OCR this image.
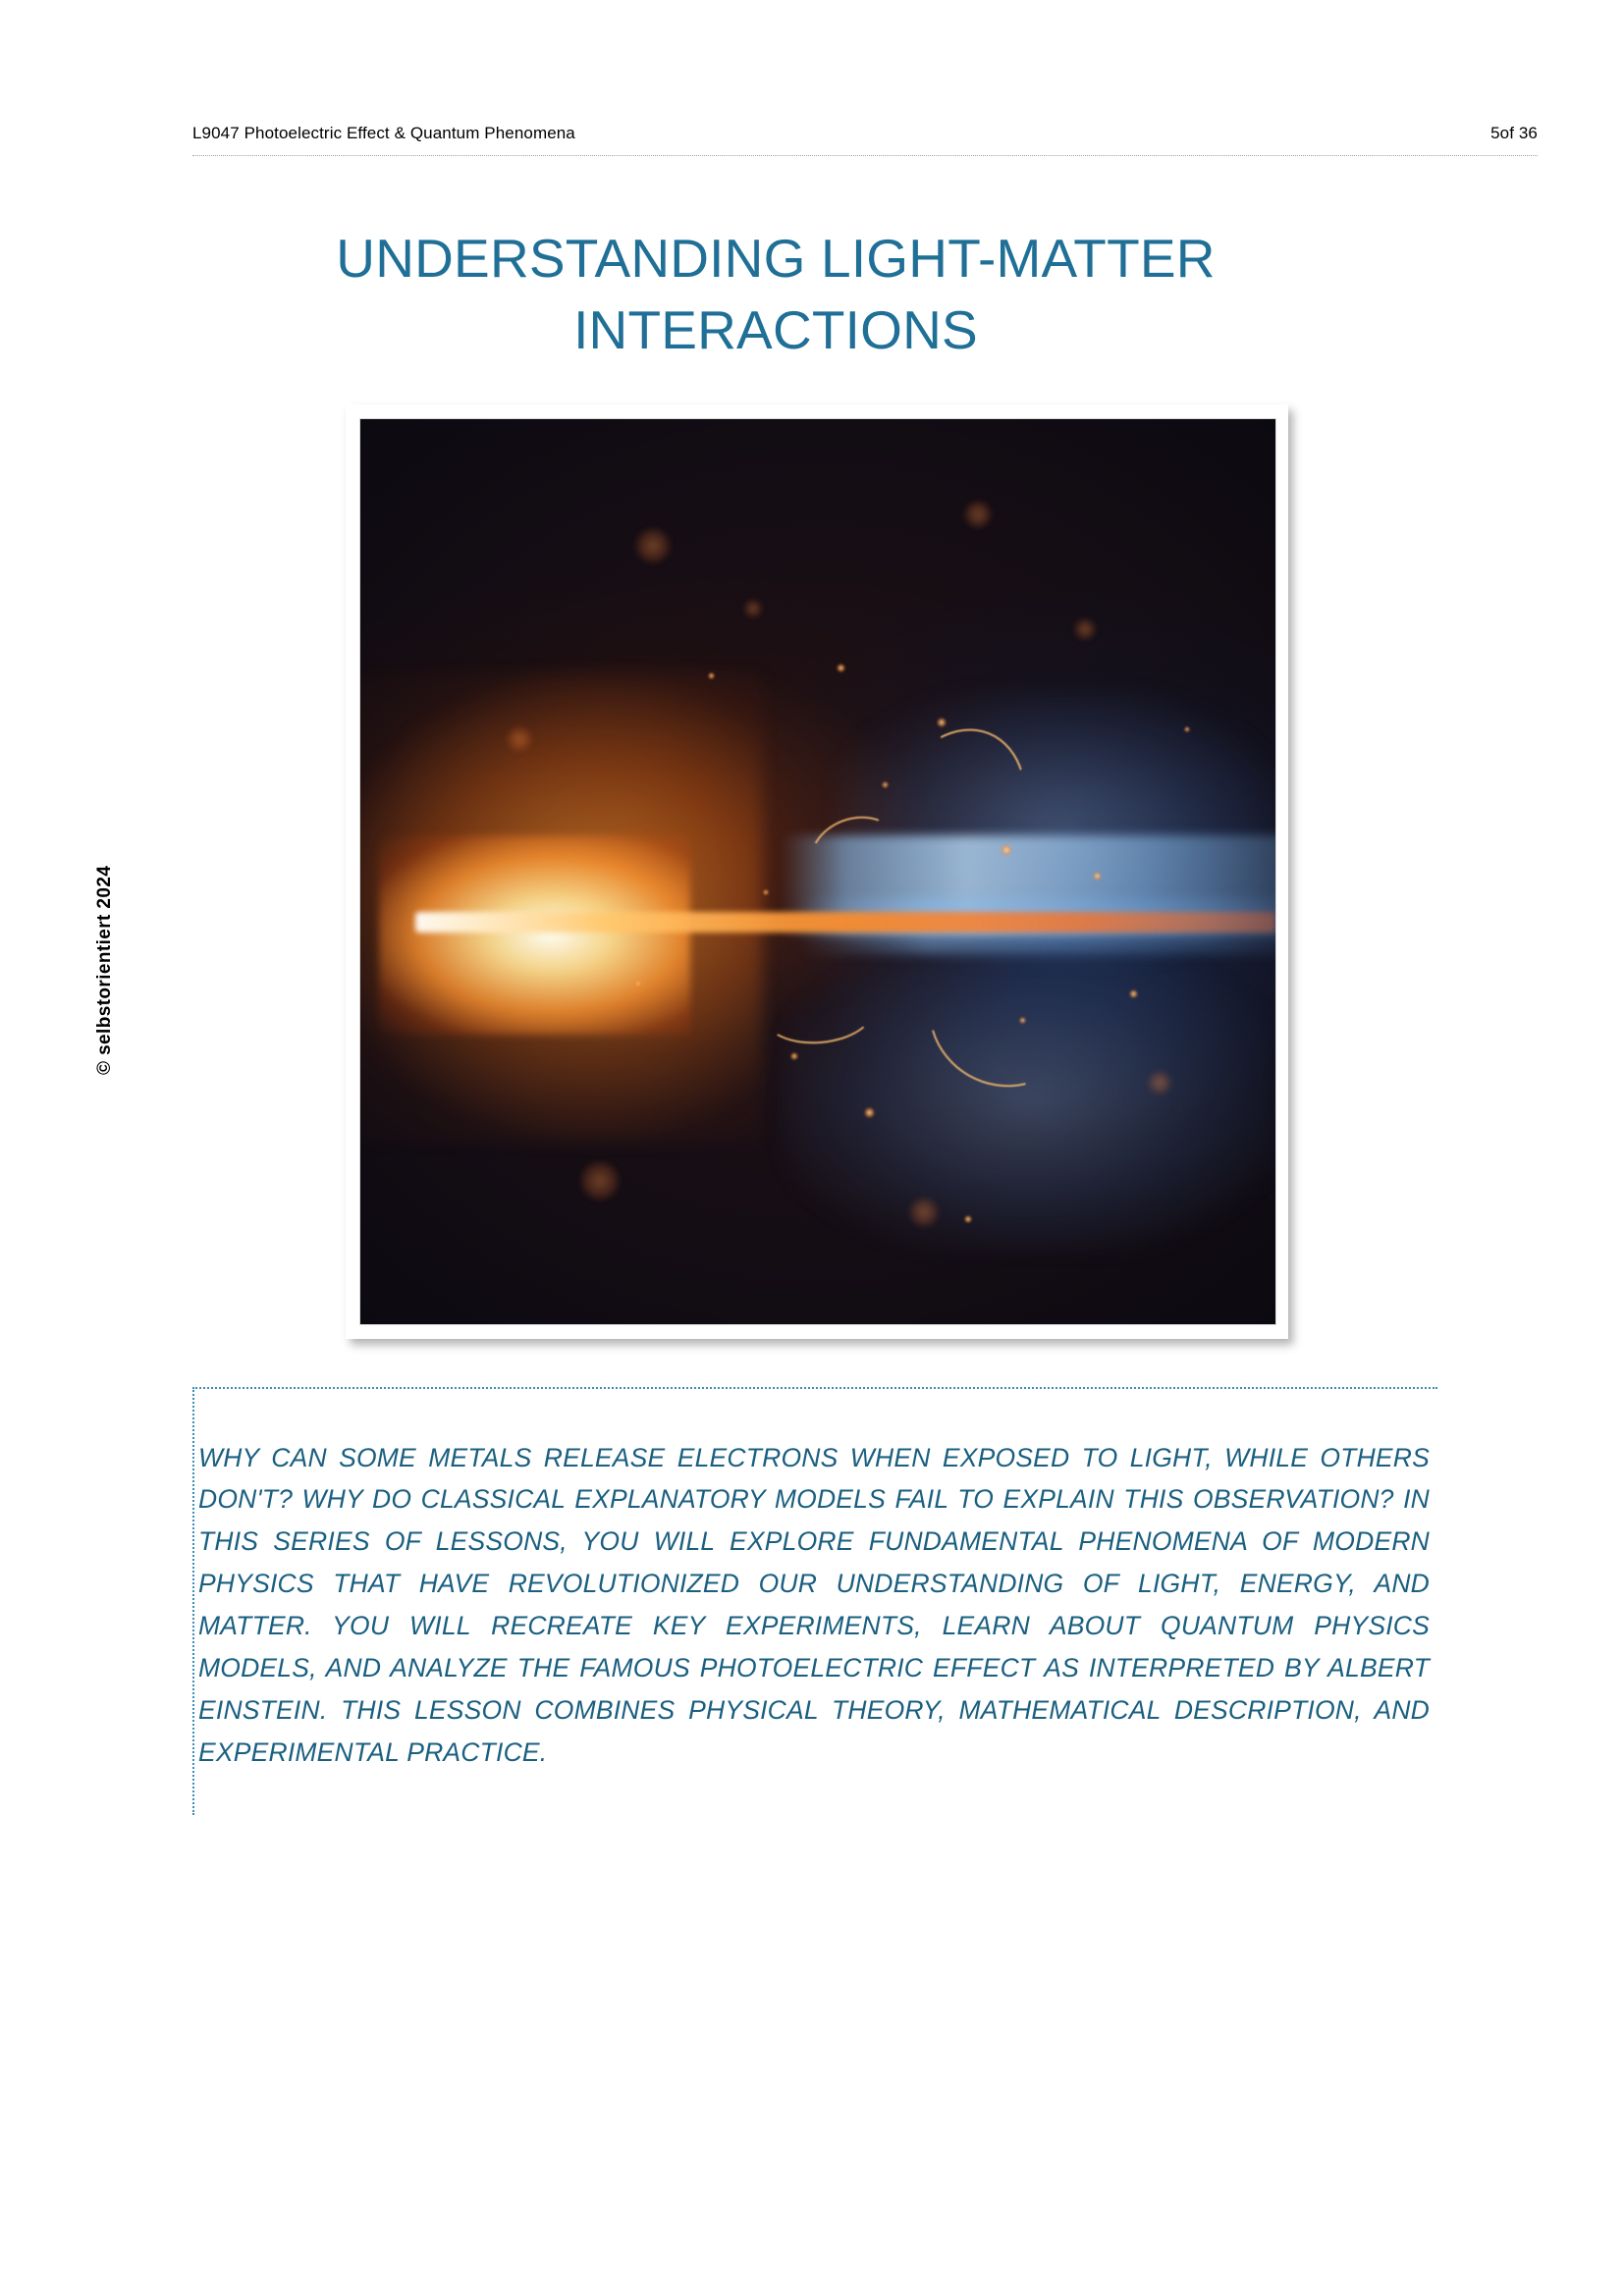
L9047 Photoelectric Effect & Quantum Phenomena	5of 36
© selbstorientiert 2024
UNDERSTANDING LIGHT-MATTER INTERACTIONS

WHY CAN SOME METALS RELEASE ELECTRONS WHEN EXPOSED TO LIGHT, WHILE OTHERS DON'T? WHY DO CLASSICAL EXPLANATORY MODELS FAIL TO EXPLAIN THIS OBSERVATION? IN THIS SERIES OF LESSONS, YOU WILL EXPLORE FUNDAMENTAL PHENOMENA OF MODERN PHYSICS THAT HAVE REVOLUTIONIZED OUR UNDERSTANDING OF LIGHT, ENERGY, AND MATTER. YOU WILL RECREATE KEY EXPERIMENTS, LEARN ABOUT QUANTUM PHYSICS MODELS, AND ANALYZE THE FAMOUS PHOTOELECTRIC EFFECT AS INTERPRETED BY ALBERT EINSTEIN. THIS LESSON COMBINES PHYSICAL THEORY, MATHEMATICAL DESCRIPTION, AND EXPERIMENTAL PRACTICE.
